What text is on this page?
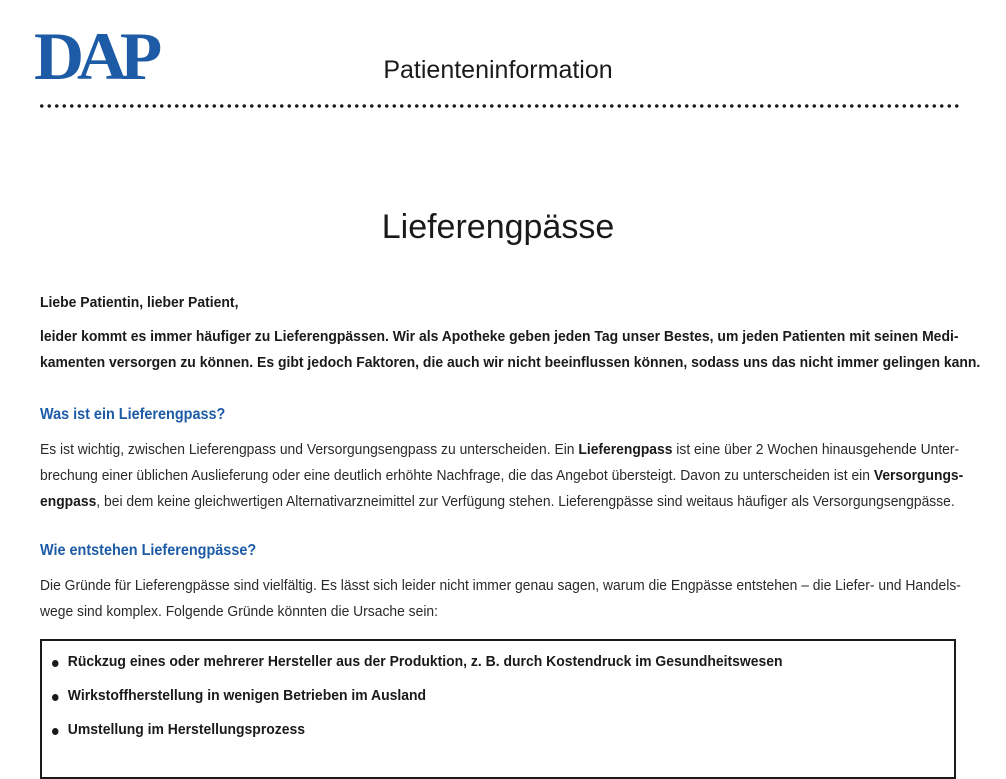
DAP	Patienteninformation
Lieferengpässe
Liebe Patientin, lieber Patient,
leider kommt es immer häufiger zu Lieferengpässen. Wir als Apotheke geben jeden Tag unser Bestes, um jeden Patienten mit seinen Medi-
kamenten versorgen zu können. Es gibt jedoch Faktoren, die auch wir nicht beeinflussen können, sodass uns das nicht immer gelingen kann.
Was ist ein Lieferengpass?
Es ist wichtig, zwischen Lieferengpass und Versorgungsengpass zu unterscheiden. Ein Lieferengpass ist eine über 2 Wochen hinausgehende Unter-
brechung einer üblichen Auslieferung oder eine deutlich erhöhte Nachfrage, die das Angebot übersteigt. Davon zu unterscheiden ist ein Versorgungs-
engpass, bei dem keine gleichwertigen Alternativarzneimittel zur Verfügung stehen. Lieferengpässe sind weitaus häufiger als Versorgungsengpässe.
Wie entstehen Lieferengpässe?
Die Gründe für Lieferengpässe sind vielfältig. Es lässt sich leider nicht immer genau sagen, warum die Engpässe entstehen – die Liefer- und Handels-
wege sind komplex. Folgende Gründe könnten die Ursache sein:
Rückzug eines oder mehrerer Hersteller aus der Produktion, z. B. durch Kostendruck im Gesundheitswesen
Wirkstoffherstellung in wenigen Betrieben im Ausland
Umstellung im Herstellungsprozess
